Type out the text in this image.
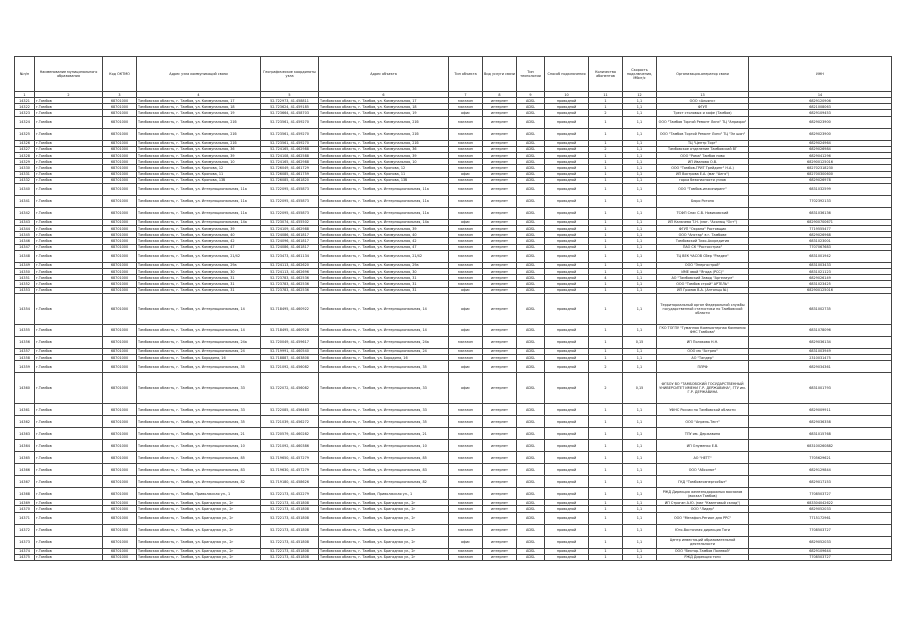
№п/п	Наименование муниципального образования	Код ОКТМО	Адрес узла коммуникаций связи	Географические координаты узла	Адрес объекта	Тип объекта	Вид услуги связи	Тип технологии	Способ подключения	Количество абонентов	Скорость подключения, Мбит/с	Организация-оператор связи	ИНН
1	2	3	4	5	6	7	8	9	10	11	12	13	14
14321	г.Тамбов	68701000	Тамбовская область, г. Тамбов, ул. Коммунальная, 17	52.722973, 41.458811	Тамбовская область, г. Тамбов, ул. Коммунальная, 17	магазин	интернет	ADSL	проводной	1	1,1	ООО «Альянс»	6829120906
14322	г.Тамбов	68701000	Тамбовская область, г. Тамбов, ул. Коммунальная, 18	52.723624, 41.459185	Тамбовская область, г. Тамбов, ул. Коммунальная, 18	магазин	интернет	ADSL	проводной	1	1,1	ФГУП	6821008063
14323	г.Тамбов	68701000	Тамбовская область, г. Тамбов, ул. Коммунальная, 19	52.723664, 41.458703	Тамбовская область, г. Тамбов, ул. Коммунальная, 19	офис	интернет	ADSL	проводной	2	1,1	Трест столовых и кафе (Тамбов)	6829109453
14324	г.Тамбов	68701000	Тамбовская область, г. Тамбов, ул. Коммунальная, 21б	52.723561, 41.459270	Тамбовская область, г. Тамбов, ул. Коммунальная, 21б	магазин	интернет	ADSL	проводной	1	1,1	ООО "Тамбов Торгой Ремонт Лиги" ТЦ "Априори"	6829023900
14325	г.Тамбов	68701000	Тамбовская область, г. Тамбов, ул. Коммунальная, 21б	52.723561, 41.459270	Тамбовская область, г. Тамбов, ул. Коммунальная, 21б	магазин	интернет	ADSL	проводной	1	1,1	ООО "Тамбов Торгой Ремонт Лиги" ТЦ "Эл шоп"	6829023900
14326	г.Тамбов	68701000	Тамбовская область, г. Тамбов, ул. Коммунальная, 21б	52.723561, 41.459270	Тамбовская область, г. Тамбов, ул. Коммунальная, 21б	магазин	интернет	ADSL	проводной	1	1,1	ТЦ "Центр Торг"	6829024964
14327	г.Тамбов	68701000	Тамбовская область, г. Тамбов, ул. Коммунальная, 36	52.724165, 41.462988	Тамбовская область, г. Тамбов, ул. Коммунальная, 36	магазин	интернет	ADSL	проводной	2	1,1	Тамбовское отделение Тамбовский ВГ	6829026984
14328	г.Тамбов	68701000	Тамбовская область, г. Тамбов, ул. Коммунальная, 39	52.724108, 41.462588	Тамбовская область, г. Тамбов, ул. Коммунальная, 39	магазин	интернет	ADSL	проводной	1	1,1	ООО "Рома" Тамбов пиво	6829041296
14329	г.Тамбов	68701000	Тамбовская область, г. Тамбов, ул. Коммунальная, 10	52.724165, 41.462988	Тамбовская область, г. Тамбов, ул. Коммунальная, 10	магазин	интернет	ADSL	проводной	1	1,1	ИП Иванова О.В.	682900125016
14330	г.Тамбов	68701000	Тамбовская область, г. Тамбов, ул. Кронова, 12	52.726049, 41.461729	Тамбовская область, г. Тамбов, ул. Кронова, 12	магазин	интернет	ADSL	проводной	1	1,1	ООО "Тамбов-ГРИТ Трейдинг" Н.А.)	682702318230
14331	г.Тамбов	68701000	Тамбовская область, г. Тамбов, ул. Кронова, 11	52.726085, 41.461759	Тамбовская область, г. Тамбов, ул. Кронова, 11	офис	интернет	ADSL	проводной	1	1,1	ИП Вострова Е.А. (маг "Алгя")	682700300600
14332	г.Тамбов	68701000	Тамбовская область, г. Тамбов, ул. Кронова, 13б	52.726085, 41.461820	Тамбовская область, г. Тамбов, ул. Кронова, 13б	магазин	интернет	ADSL	проводной	1	1,1	горка безопасности узлов	6829026978
14340	г.Тамбов	68701000	Тамбовская область, г. Тамбов, ул. Интернациональная, 11а	52.722095, 41.455873	Тамбовская область, г. Тамбов, ул. Интернациональная, 11а	магазин	интернет	ADSL	проводной	1	1,1	ООО "Тамбов-инжиниринг"	6831032599
14341	г.Тамбов	68701000	Тамбовская область, г. Тамбов, ул. Интернациональная, 11а	52.722095, 41.455873	Тамбовская область, г. Тамбов, ул. Интернациональная, 11а	магазин	интернет	ADSL	проводной	1	1,1	Бюро Ротона	7702392133
14342	г.Тамбов	68701000	Тамбовская область, г. Тамбов, ул. Интернациональная, 11а	52.722095, 41.455873	Тамбовская область, г. Тамбов, ул. Интернациональная, 11а	магазин	интернет	ADSL	проводной	1	1,1	ТСФП Спас С.В. Новиковский	6831036136
14343	г.Тамбов	68701000	Тамбовская область, г. Тамбов, ул. Интернациональная, 14а	52.723074, 41.455502	Тамбовская область, г. Тамбов, ул. Интернациональная, 14а	офис	интернет	ADSL	проводной	1	1,1	ИП Калачева Т.Н. (маг. "Асолюц "Ост")	682900700671
14344	г.Тамбов	68701000	Тамбовская область, г. Тамбов, ул. Коммунальная, 39	52.724109, 41.462988	Тамбовская область, г. Тамбов, ул. Коммунальная, 39	магазин	интернет	ADSL	проводной	1	1,1	ФГУП "Охрана" Ростовщик	7719555477
14345	г.Тамбов	68701000	Тамбовская область, г. Тамбов, ул. Коммунальная, 40	52.724086, 41.461817	Тамбовская область, г. Тамбов, ул. Коммунальная, 40	магазин	интернет	ADSL	проводной	1	1,1	ООО "Анстар" в г. Тамбове	6829026968
14346	г.Тамбов	68701000	Тамбовская область, г. Тамбов, ул. Коммунальная, 42	52.724096, 41.461817	Тамбовская область, г. Тамбов, ул. Коммунальная, 42	магазин	интернет	ADSL	проводной	1	1,1	Тамбовский Тихо-Аккредитив	6831023001
14347	г.Тамбов	68701000	Тамбовская область, г. Тамбов, ул. Коммунальная, 47	52.724086, 41.461817	Тамбовская область, г. Тамбов, ул. Коммунальная, 47	магазин	интернет	ADSL	проводной	1	1,1	ПАО СК "Росгосстрах"	7707067683
14348	г.Тамбов	68701000	Тамбовская область, г. Тамбов, ул. Коммунальная, 21/42	52.723473, 41.461134	Тамбовская область, г. Тамбов, ул. Коммунальная, 21/42	магазин	интернет	ADSL	проводной	1	1,1	ТЦ ВЕК ЧАСОВ Сбер "Раздел"	6831001942
14349	г.Тамбов	68701000	Тамбовская область, г. Тамбов, ул. Коммунальная, 29а	52.724113, 41.462620	Тамбовская область, г. Тамбов, ул. Коммунальная, 29а	магазин	интернет	ADSL	проводной	1	1,1	ООО "Энергострой"	6831003433
14350	г.Тамбов	68701000	Тамбовская область, г. Тамбов, ул. Коммунальная, 30	52.724113, 41.462696	Тамбовская область, г. Тамбов, ул. Коммунальная, 30	магазин	интернет	ADSL	проводной	1	1,1	ИМЕ явой "Ягода (РСС)"	6831021123
14351	г.Тамбов	68701000	Тамбовская область, г. Тамбов, ул. Коммунальная, 31	52.723783, 41.462536	Тамбовская область, г. Тамбов, ул. Коммунальная, 31	магазин	интернет	ADSL	проводной	4	1,1	АО "Тамбовский Завод "Аргелиум"	6829026149
14352	г.Тамбов	68701000	Тамбовская область, г. Тамбов, ул. Коммунальная, 31	52.723783, 41.462536	Тамбовская область, г. Тамбов, ул. Коммунальная, 31	магазин	интернет	ADSL	проводной	1	1,1	ООО "Тамбов строй" АРТЕЛЬ"	6831023425
14353	г.Тамбов	68701000	Тамбовская область, г. Тамбов, ул. Коммунальная, 31	52.723783, 41.462536	Тамбовская область, г. Тамбов, ул. Коммунальная, 31	офис	интернет	ADSL	проводной	1	1,1	ИП Громов В.А. (Антонцы №)	682900125016
14354	г.Тамбов	68701000	Тамбовская область, г. Тамбов, ул. Интернациональная, 14	52.718495, 41.460922	Тамбовская область, г. Тамбов, ул. Интернациональная, 14	офис	интернет	ADSL	проводной	1	1,1	Территориальный орган Федеральной службы государственной статистики по Тамбовской области	6831002735
14355	г.Тамбов	68701000	Тамбовская область, г. Тамбов, ул. Интернациональная, 14	52.718495, 41.460928	Тамбовская область, г. Тамбов, ул. Интернациональная, 14	офис	интернет	ADSL	проводной	1	1,1	ГКО ТОГПУ "Гуманная Компьютерная Компания ФНС Тамбова"	6831078096
14356	г.Тамбов	68701000	Тамбовская область, г. Тамбов, ул. Интернациональная, 24а	52.720049, 41.459617	Тамбовская область, г. Тамбов, ул. Интернациональная, 24а	магазин	интернет	ADSL	проводной	1	0,15	ИП Полякова Н.Н.	6829036134
14357	г.Тамбов	68701000	Тамбовская область, г. Тамбов, ул. Интернациональная, 24	52.719991, 41.460540	Тамбовская область, г. Тамбов, ул. Интернациональная, 24	магазин	интернет	ADSL	проводной	1	1,1	ООО мк "Астрея"	6831003949
14358	г.Тамбов	68701000	Тамбовская область, г. Тамбов, ул. Бородина, 16	52.718887, 41.463808	Тамбовская область, г. Тамбов, ул. Бородина, 16	магазин	интернет	ADSL	проводной	1	1,1	АО "Тандер"	2310031475
14359	г.Тамбов	68701000	Тамбовская область, г. Тамбов, ул. Интернациональная, 35	52.721092, 41.456082	Тамбовская область, г. Тамбов, ул. Интернациональная, 35	офис	интернет	ADSL	проводной	2	1,1	ПЛРФ	6829034361
14360	г.Тамбов	68701000	Тамбовская область, г. Тамбов, ул. Интернациональная, 33	52.722072, 41.456082	Тамбовская область, г. Тамбов, ул. Интернациональная, 33	офис	интернет	ADSL	проводной	2	0,15	ФГБОУ ВО "ТАМБОВСКИЙ ГОСУДАРСТВЕННЫЙ УНИВЕРСИТЕТ ИМЕНИ Г.Р. ДЕРЖАВИНА", ГТУ им. Г.Р. ДЕРЖАВИНА	6831001793
14361	г.Тамбов	68701000	Тамбовская область, г. Тамбов, ул. Интернациональная, 33	52.722085, 41.456463	Тамбовская область, г. Тамбов, ул. Интернациональная, 33	магазин	интернет	ADSL	проводной	1	1,1	УФНС России по Тамбовской области	6829009911
14362	г.Тамбов	68701000	Тамбовская область, г. Тамбов, ул. Интернациональная, 35	52.721039, 41.456272	Тамбовская область, г. Тамбов, ул. Интернациональная, 35	магазин	интернет	ADSL	проводной	1	1,1	ООО "Апрель-Тест"	6829036358
14363	г.Тамбов	68701000	Тамбовская область, г. Тамбов, ул. Интернациональная, 21	52.720579, 41.460282	Тамбовская область, г. Тамбов, ул. Интернациональная, 21	магазин	интернет	ADSL	проводной	1	1,1	ТПУ им. Державина	6831015768
14364	г.Тамбов	68701000	Тамбовская область, г. Тамбов, ул. Интернациональная, 10	52.721092, 41.460386	Тамбовская область, г. Тамбов, ул. Интернациональная, 10	магазин	интернет	ADSL	проводной	1	1,1	ИП Олуменко Е.В.	683100260882
14365	г.Тамбов	68701000	Тамбовская область, г. Тамбов, ул. Интернациональная, 85	52.719650, 41.457279	Тамбовская область, г. Тамбов, ул. Интернациональная, 85	магазин	интернет	ADSL	проводной	1	1,1	АО "НЕТТ"	7705629621
14366	г.Тамбов	68701000	Тамбовская область, г. Тамбов, ул. Интернациональная, 83	52.719630, 41.457279	Тамбовская область, г. Тамбов, ул. Интернациональная, 83	магазин	интернет	ADSL	проводной	1	1,1	ООО "Абсолют"	6829129844
14367	г.Тамбов	68701000	Тамбовская область, г. Тамбов, ул. Интернациональная, 82	52.719180, 41.458626	Тамбовская область, г. Тамбов, ул. Интернациональная, 82	магазин	интернет	ADSL	проводной	1	1,1	ГКД "Тамбовгоэнергосбыт"	6829017153
14368	г.Тамбов	68701000	Тамбовская область, г. Тамбов, Приволжская ул., 1	52.722173, 41.452279	Тамбовская область, г. Тамбов, Приволжская ул., 1	магазин	интернет	ADSL	проводной	1	1,1	РЖД Дирекция железнодорожных вокзалов (вокзал Тамбов)	7708503727
14369	г.Тамбов	68701000	Тамбовская область, г. Тамбов, ул. Бригадная ул., 2г	52.722173, 41.451808	Тамбовская область, г. Тамбов, ул. Бригадная ул., 2г	магазин	интернет	ADSL	проводной	1	1,1	ИП Строган А.Ю. (маг "Квантовый склад")	683304042622
14370	г.Тамбов	68701000	Тамбовская область, г. Тамбов, ул. Бригадная ул., 2г	52.722173, 41.451808	Тамбовская область, г. Тамбов, ул. Бригадная ул., 2г	магазин	интернет	ADSL	проводной	1	1,1	ООО "Лидер"	6829052033
14371	г.Тамбов	68701000	Тамбовская область, г. Тамбов, ул. Бригадная ул., 2г	52.722173, 41.451808	Тамбовская область, г. Тамбов, ул. Бригадная ул., 2г	магазин	интернет	ADSL	проводной	1	1,1	ООО "Мегафон-Регион для РРС"	7715172961
14372	г.Тамбов	68701000	Тамбовская область, г. Тамбов, ул. Бригадная ул., 2г	52.722173, 41.451808	Тамбовская область, г. Тамбов, ул. Бригадная ул., 2г	магазин	интернет	ADSL	проводной	1	1,1	Юго-Восточная дирекция Тяги	7708503727
14373	г.Тамбов	68701000	Тамбовская область, г. Тамбов, ул. Бригадная ул., 2г	52.722173, 41.451808	Тамбовская область, г. Тамбов, ул. Бригадная ул., 2г	офис	интернет	ADSL	проводной	1	1,1	Центр инвестиций образовательной деятельности	6829052033
14374	г.Тамбов	68701000	Тамбовская область, г. Тамбов, ул. Бригадная ул., 2г	52.722173, 41.451808	Тамбовская область, г. Тамбов, ул. Бригадная ул., 2г	магазин	интернет	ADSL	проводной	1	1,1	ООО "Вектор-Тамбов Полевой"	6829109644
14375	г.Тамбов	68701000	Тамбовская область, г. Тамбов, ул. Бригадная ул., 2г	52.722173, 41.451808	Тамбовская область, г. Тамбов, ул. Бригадная ул., 2г	магазин	интернет	ADSL	проводной	1	1,1	РЖД Дирекция тяги	7708503727
